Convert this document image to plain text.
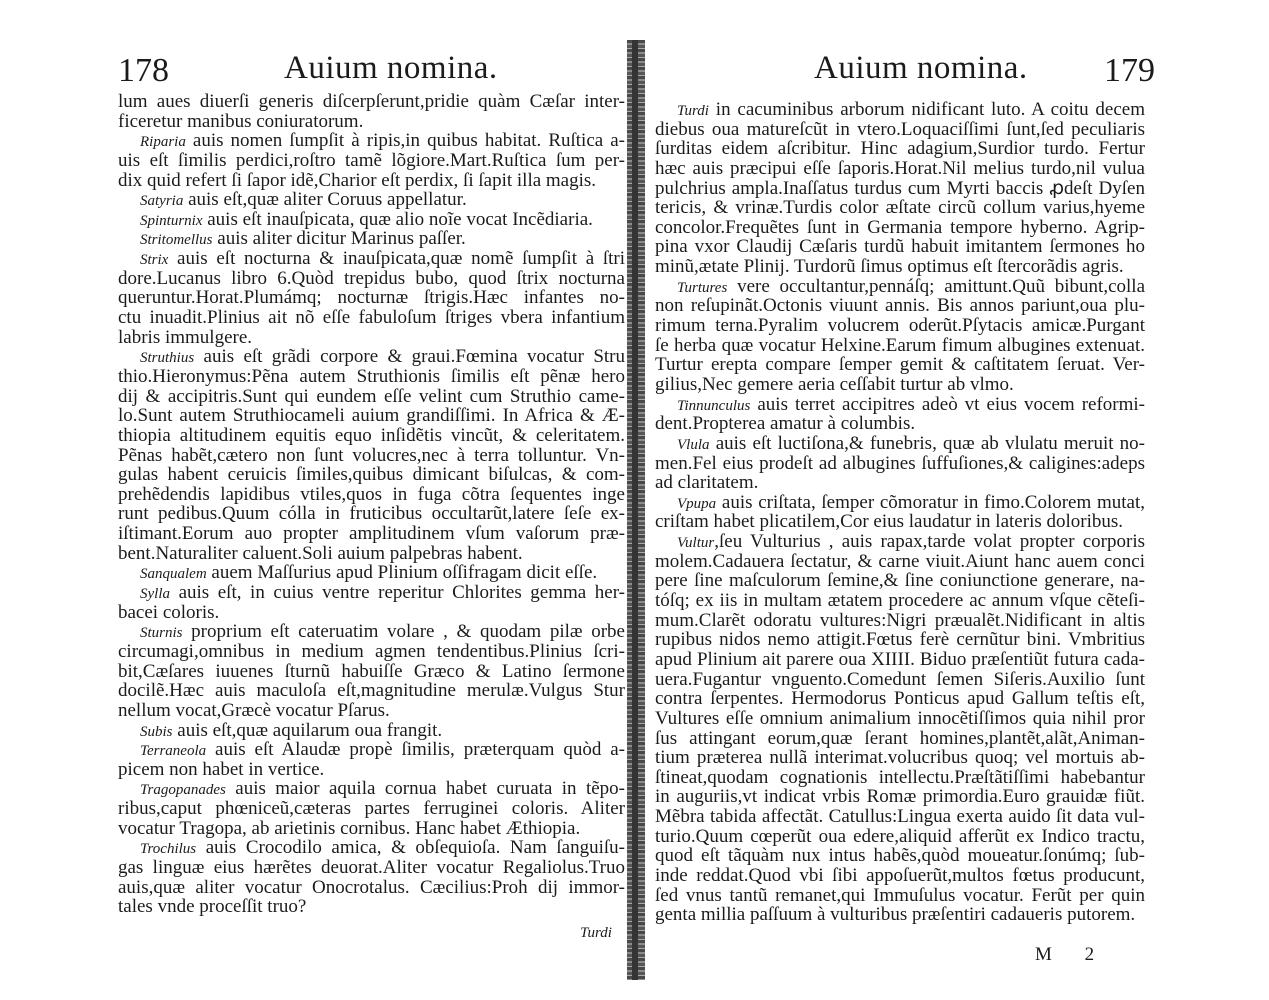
178	Auium nomina.
lum aues diuerſi generis diſcerpſerunt,pridie quàm Cæſar inter-
ficeretur manibus coniuratorum.
Riparia auis nomen ſumpſit à ripis,in quibus habitat. Ruſtica a-
uis eſt ſimilis perdici,roſtro tamẽ lõgiore.Mart.Ruſtica ſum per-
dix quid refert ſi ſapor idẽ,Charior eſt perdix, ſi ſapit illa magis.
Satyria auis eſt,quæ aliter Coruus appellatur.
Spinturnix auis eſt inauſpicata, quæ alio noĩe vocat Incẽdiaria.
Stritomellus auis aliter dicitur Marinus paſſer.
Strix auis eſt nocturna & inauſpicata,quæ nomẽ ſumpſit à ſtri
dore.Lucanus libro 6.Quòd trepidus bubo, quod ſtrix nocturna
queruntur.Horat.Plumámq; nocturnæ ſtrigis.Hæc infantes no-
ctu inuadit.Plinius ait nõ eſſe fabuloſum ſtriges vbera infantium
labris immulgere.
Struthius auis eſt grãdi corpore & graui.Fœmina vocatur Stru
thio.Hieronymus:Pẽna autem Struthionis ſimilis eſt pẽnæ hero
dij & accipitris.Sunt qui eundem eſſe velint cum Struthio came-
lo.Sunt autem Struthiocameli auium grandiſſimi. In Africa & Æ-
thiopia altitudinem equitis equo inſidẽtis vincũt, & celeritatem.
Pẽnas habẽt,cætero non ſunt volucres,nec à terra tolluntur. Vn-
gulas habent ceruicis ſimiles,quibus dimicant biſulcas, & com-
prehẽdendis lapidibus vtiles,quos in fuga cõtra ſequentes inge
runt pedibus.Quum cólla in fruticibus occultarũt,latere ſeſe ex-
iſtimant.Eorum auo propter amplitudinem vſum vaſorum præ-
bent.Naturaliter caluent.Soli auium palpebras habent.
Sanqualem auem Maſſurius apud Plinium oſſifragam dicit eſſe.
Sylla auis eſt, in cuius ventre reperitur Chlorites gemma her-
bacei coloris.
Sturnis proprium eſt cateruatim volare , & quodam pilæ orbe
circumagi,omnibus in medium agmen tendentibus.Plinius ſcri-
bit,Cæſares iuuenes ſturnũ habuiſſe Græco & Latino ſermone
docilẽ.Hæc auis maculoſa eſt,magnitudine merulæ.Vulgus Stur
nellum vocat,Græcè vocatur Pſarus.
Subis auis eſt,quæ aquilarum oua frangit.
Terraneola auis eſt Alaudæ propè ſimilis, præterquam quòd a-
picem non habet in vertice.
Tragopanades auis maior aquila cornua habet curuata in tẽpo-
ribus,caput phœniceũ,cæteras partes ferruginei coloris. Aliter
vocatur Tragopa, ab arietinis cornibus. Hanc habet Æthiopia.
Trochilus auis Crocodilo amica, & obſequioſa. Nam ſanguiſu-
gas linguæ eius hærẽtes deuorat.Aliter vocatur Regaliolus.Truo
auis,quæ aliter vocatur Onocrotalus. Cæcilius:Proh dij immor-
tales vnde proceſſit truo?
Turdi
Auium nomina. 179
Turdi in cacuminibus arborum nidificant luto. A coitu decem
diebus oua matureſcũt in vtero.Loquaciſſimi ſunt,ſed peculiaris
ſurditas eidem aſcribitur. Hinc adagium,Surdior turdo. Fertur
hæc auis præcipui eſſe ſaporis.Horat.Nil melius turdo,nil vulua
pulchrius ampla.Inaſſatus turdus cum Myrti baccis ꝓdeſt Dyſen
tericis, & vrinæ.Turdis color æſtate circũ collum varius,hyeme
concolor.Frequẽtes ſunt in Germania tempore hyberno. Agrip-
pina vxor Claudij Cæſaris turdũ habuit imitantem ſermones ho
minũ,ætate Plinij. Turdorũ ſimus optimus eſt ſtercorãdis agris.
Turtures vere occultantur,pennáſq; amittunt.Quũ bibunt,colla
non reſupinãt.Octonis viuunt annis. Bis annos pariunt,oua plu-
rimum terna.Pyralim volucrem oderũt.Pſytacis amicæ.Purgant
ſe herba quæ vocatur Helxine.Earum fimum albugines extenuat.
Turtur erepta compare ſemper gemit & caſtitatem ſeruat. Ver-
gilius,Nec gemere aeria ceſſabit turtur ab vlmo.
Tinnunculus auis terret accipitres adeò vt eius vocem reformi-
dent.Propterea amatur à columbis.
Vlula auis eſt luctiſona,& funebris, quæ ab vlulatu meruit no-
men.Fel eius prodeſt ad albugines ſuffuſiones,& caligines:adeps
ad claritatem.
Vpupa auis criſtata, ſemper cõmoratur in fimo.Colorem mutat,
criſtam habet plicatilem,Cor eius laudatur in lateris doloribus.
Vultur,ſeu Vulturius , auis rapax,tarde volat propter corporis
molem.Cadauera ſectatur, & carne viuit.Aiunt hanc auem conci
pere ſine maſculorum ſemine,& ſine coniunctione generare, na-
tóſq; ex iis in multam ætatem procedere ac annum vſque cẽteſi-
mum.Clarẽt odoratu vultures:Nigri præualẽt.Nidificant in altis
rupibus nidos nemo attigit.Fœtus ferè cernũtur bini. Vmbritius
apud Plinium ait parere oua XIIII. Biduo præſentiũt futura cada-
uera.Fugantur vnguento.Comedunt ſemen Siſeris.Auxilio ſunt
contra ſerpentes. Hermodorus Ponticus apud Gallum teſtis eſt,
Vultures eſſe omnium animalium innocẽtiſſimos quia nihil pror
ſus attingant eorum,quæ ſerant homines,plantẽt,alãt,Animan-
tium præterea nullã interimat.volucribus quoq; vel mortuis ab-
ſtineat,quodam cognationis intellectu.Præſtãtiſſimi habebantur
in auguriis,vt indicat vrbis Romæ primordia.Euro grauidæ fiũt.
Mẽbra tabida affectãt. Catullus:Lingua exerta auido ſit data vul-
turio.Quum cœperũt oua edere,aliquid afferũt ex Indico tractu,
quod eſt tãquàm nux intus habẽs,quòd moueatur.ſonúmq; ſub-
inde reddat.Quod vbi ſibi appoſuerũt,multos fœtus producunt,
ſed vnus tantũ remanet,qui Immuſulus vocatur. Ferũt per quin
genta millia paſſuum à vulturibus præſentiri cadaueris putorem.
M 2
